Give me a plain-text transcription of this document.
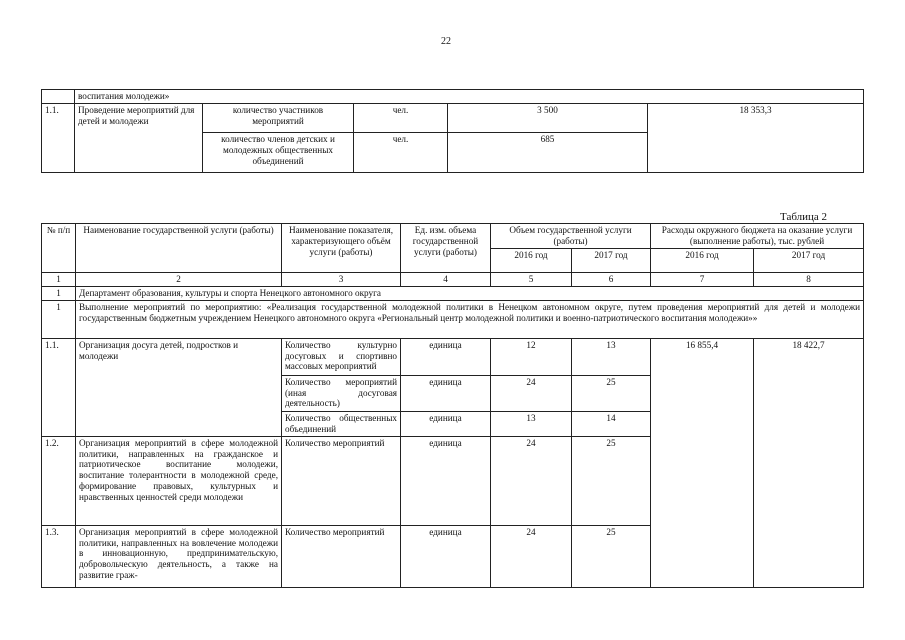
22
	воспитания молодежи»				
1.1.	Проведение мероприятий для детей и молодежи	количество участников мероприятий	чел.	3 500	18 353,3
		количество членов детских и молодежных общественных объединений	чел.	685	
Таблица 2
№ п/п	Наименование государственной услуги (работы)	Наименование показателя, характеризующего объём услуги (работы)	Ед. изм. объема государственной услуги (работы)	Объем государственной услуги (работы)		Расходы окружного бюджета на оказание услуги (выполнение работы), тыс. рублей	
				2016 год	2017 год	2016 год	2017 год
1	2	3	4	5	6	7	8
1	Департамент образования, культуры и спорта Ненецкого автономного округа						
1	Выполнение мероприятий по мероприятию: «Реализация государственной молодежной политики в Ненецком автономном округе, путем проведения мероприятий для детей и молодежи государственным бюджетным учреждением Ненецкого автономного округа «Региональный центр молодежной политики и военно-патриотического воспитания молодежи»»						
1.1.	Организация досуга детей, подростков и молодежи	Количество культурно досуговых и спортивно массовых мероприятий	единица	12	13	16 855,4	18 422,7
		Количество мероприятий (иная досуговая деятельность)	единица	24	25		
		Количество общественных объединений	единица	13	14		
1.2.	Организация мероприятий в сфере молодежной политики, направленных на гражданское и патриотическое воспитание молодежи, воспитание толерантности в молодежной среде, формирование правовых, культурных и нравственных ценностей среди молодежи	Количество мероприятий	единица	24	25		
1.3.	Организация мероприятий в сфере молодежной политики, направленных на вовлечение молодежи в инновационную, предпринимательскую, добровольческую деятельность, а также на развитие граж-	Количество мероприятий	единица	24	25		
